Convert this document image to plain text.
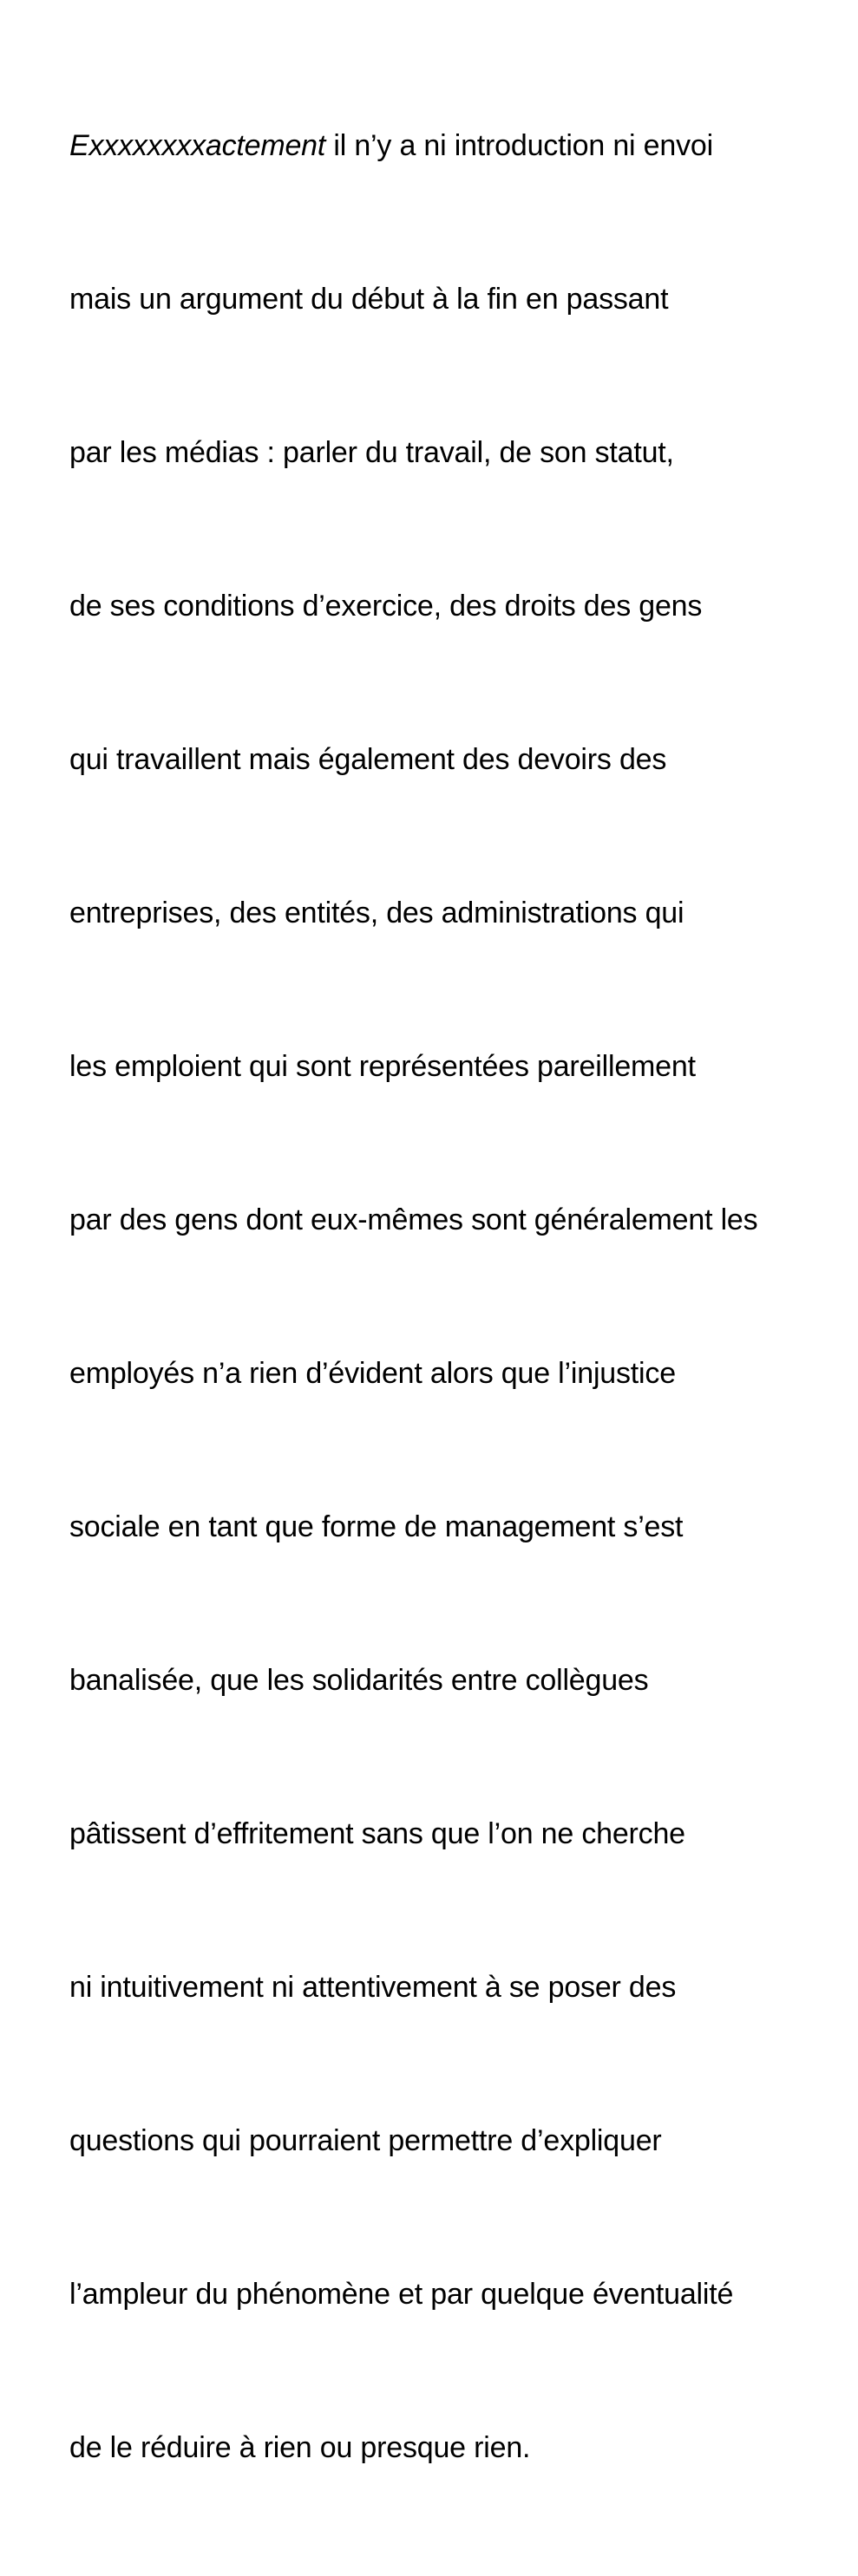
Exxxxxxxxactement il n’y a ni introduction ni envoi

mais un argument du début à la fin en passant

par les médias : parler du travail, de son statut,

de ses conditions d’exercice, des droits des gens

qui travaillent mais également des devoirs des

entreprises, des entités, des administrations qui

les emploient qui sont représentées pareillement

par des gens dont eux-mêmes sont généralement les

employés n’a rien d’évident alors que l’injustice

sociale en tant que forme de management s’est

banalisée, que les solidarités entre collègues

pâtissent d’effritement sans que l’on ne cherche

ni intuitivement ni attentivement à se poser des

questions qui pourraient permettre d’expliquer

l’ampleur du phénomène et par quelque éventualité

de le réduire à rien ou presque rien.
